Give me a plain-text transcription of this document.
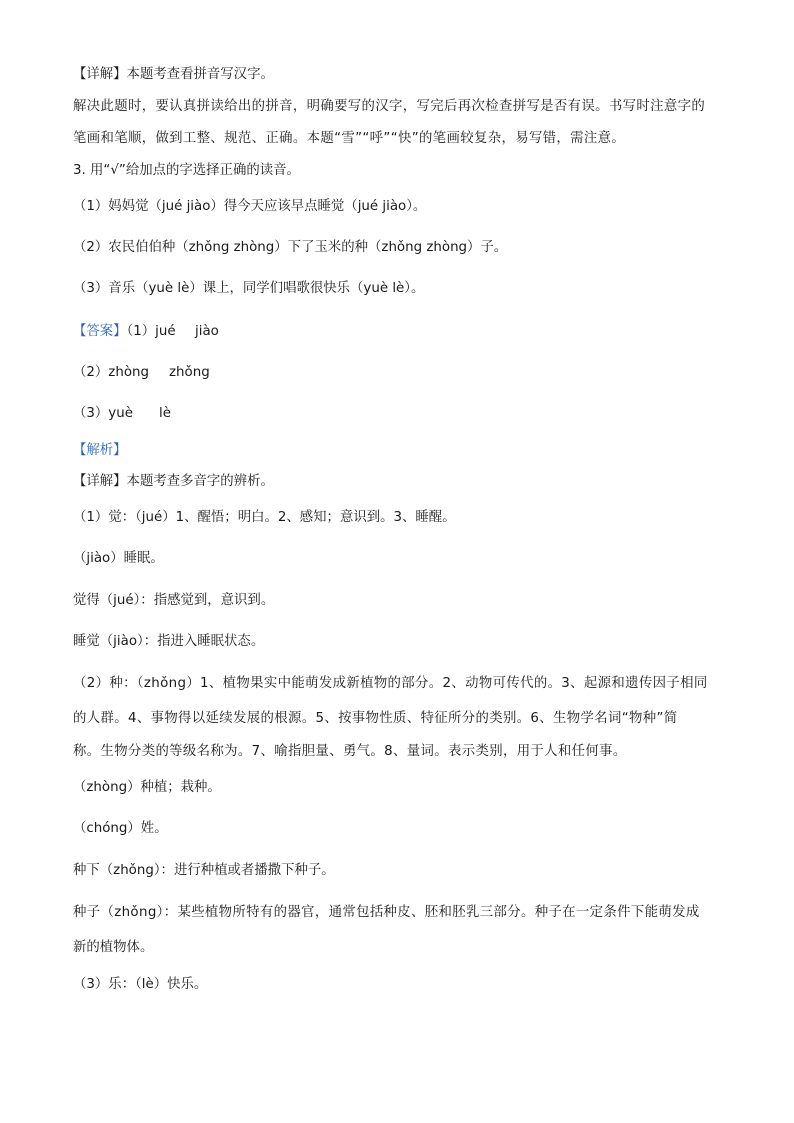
【详解】本题考查看拼音写汉字。
解决此题时，要认真拼读给出的拼音，明确要写的汉字，写完后再次检查拼写是否有误。书写时注意字的
笔画和笔顺，做到工整、规范、正确。本题“雪”“呼”“快”的笔画较复杂，易写错，需注意。
3. 用“√”给加点的字选择正确的读音。
（1）妈妈觉（jué jiào）得今天应该早点睡觉（jué jiào）。
（2）农民伯伯种（zhǒng zhòng）下了玉米的种（zhǒng zhòng）子。
（3）音乐（yuè lè）课上，同学们唱歌很快乐（yuè lè）。
【答案】（1）jué jiào
（2）zhòng zhǒng
（3）yuè lè
【解析】
【详解】本题考查多音字的辨析。
（1）觉：（jué）1、醒悟；明白。2、感知；意识到。3、睡醒。
（jiào）睡眠。
觉得（jué）：指感觉到，意识到。
睡觉（jiào）：指进入睡眠状态。
（2）种：（zhǒng）1、植物果实中能萌发成新植物的部分。2、动物可传代的。3、起源和遗传因子相同
的人群。4、事物得以延续发展的根源。5、按事物性质、特征所分的类别。6、生物学名词“物种”简
称。生物分类的等级名称为。7、喻指胆量、勇气。8、量词。表示类别，用于人和任何事。
（zhòng）种植；栽种。
（chóng）姓。
种下（zhǒng）：进行种植或者播撒下种子。
种子（zhǒng）：某些植物所特有的器官，通常包括种皮、胚和胚乳三部分。种子在一定条件下能萌发成
新的植物体。
（3）乐：（lè）快乐。
